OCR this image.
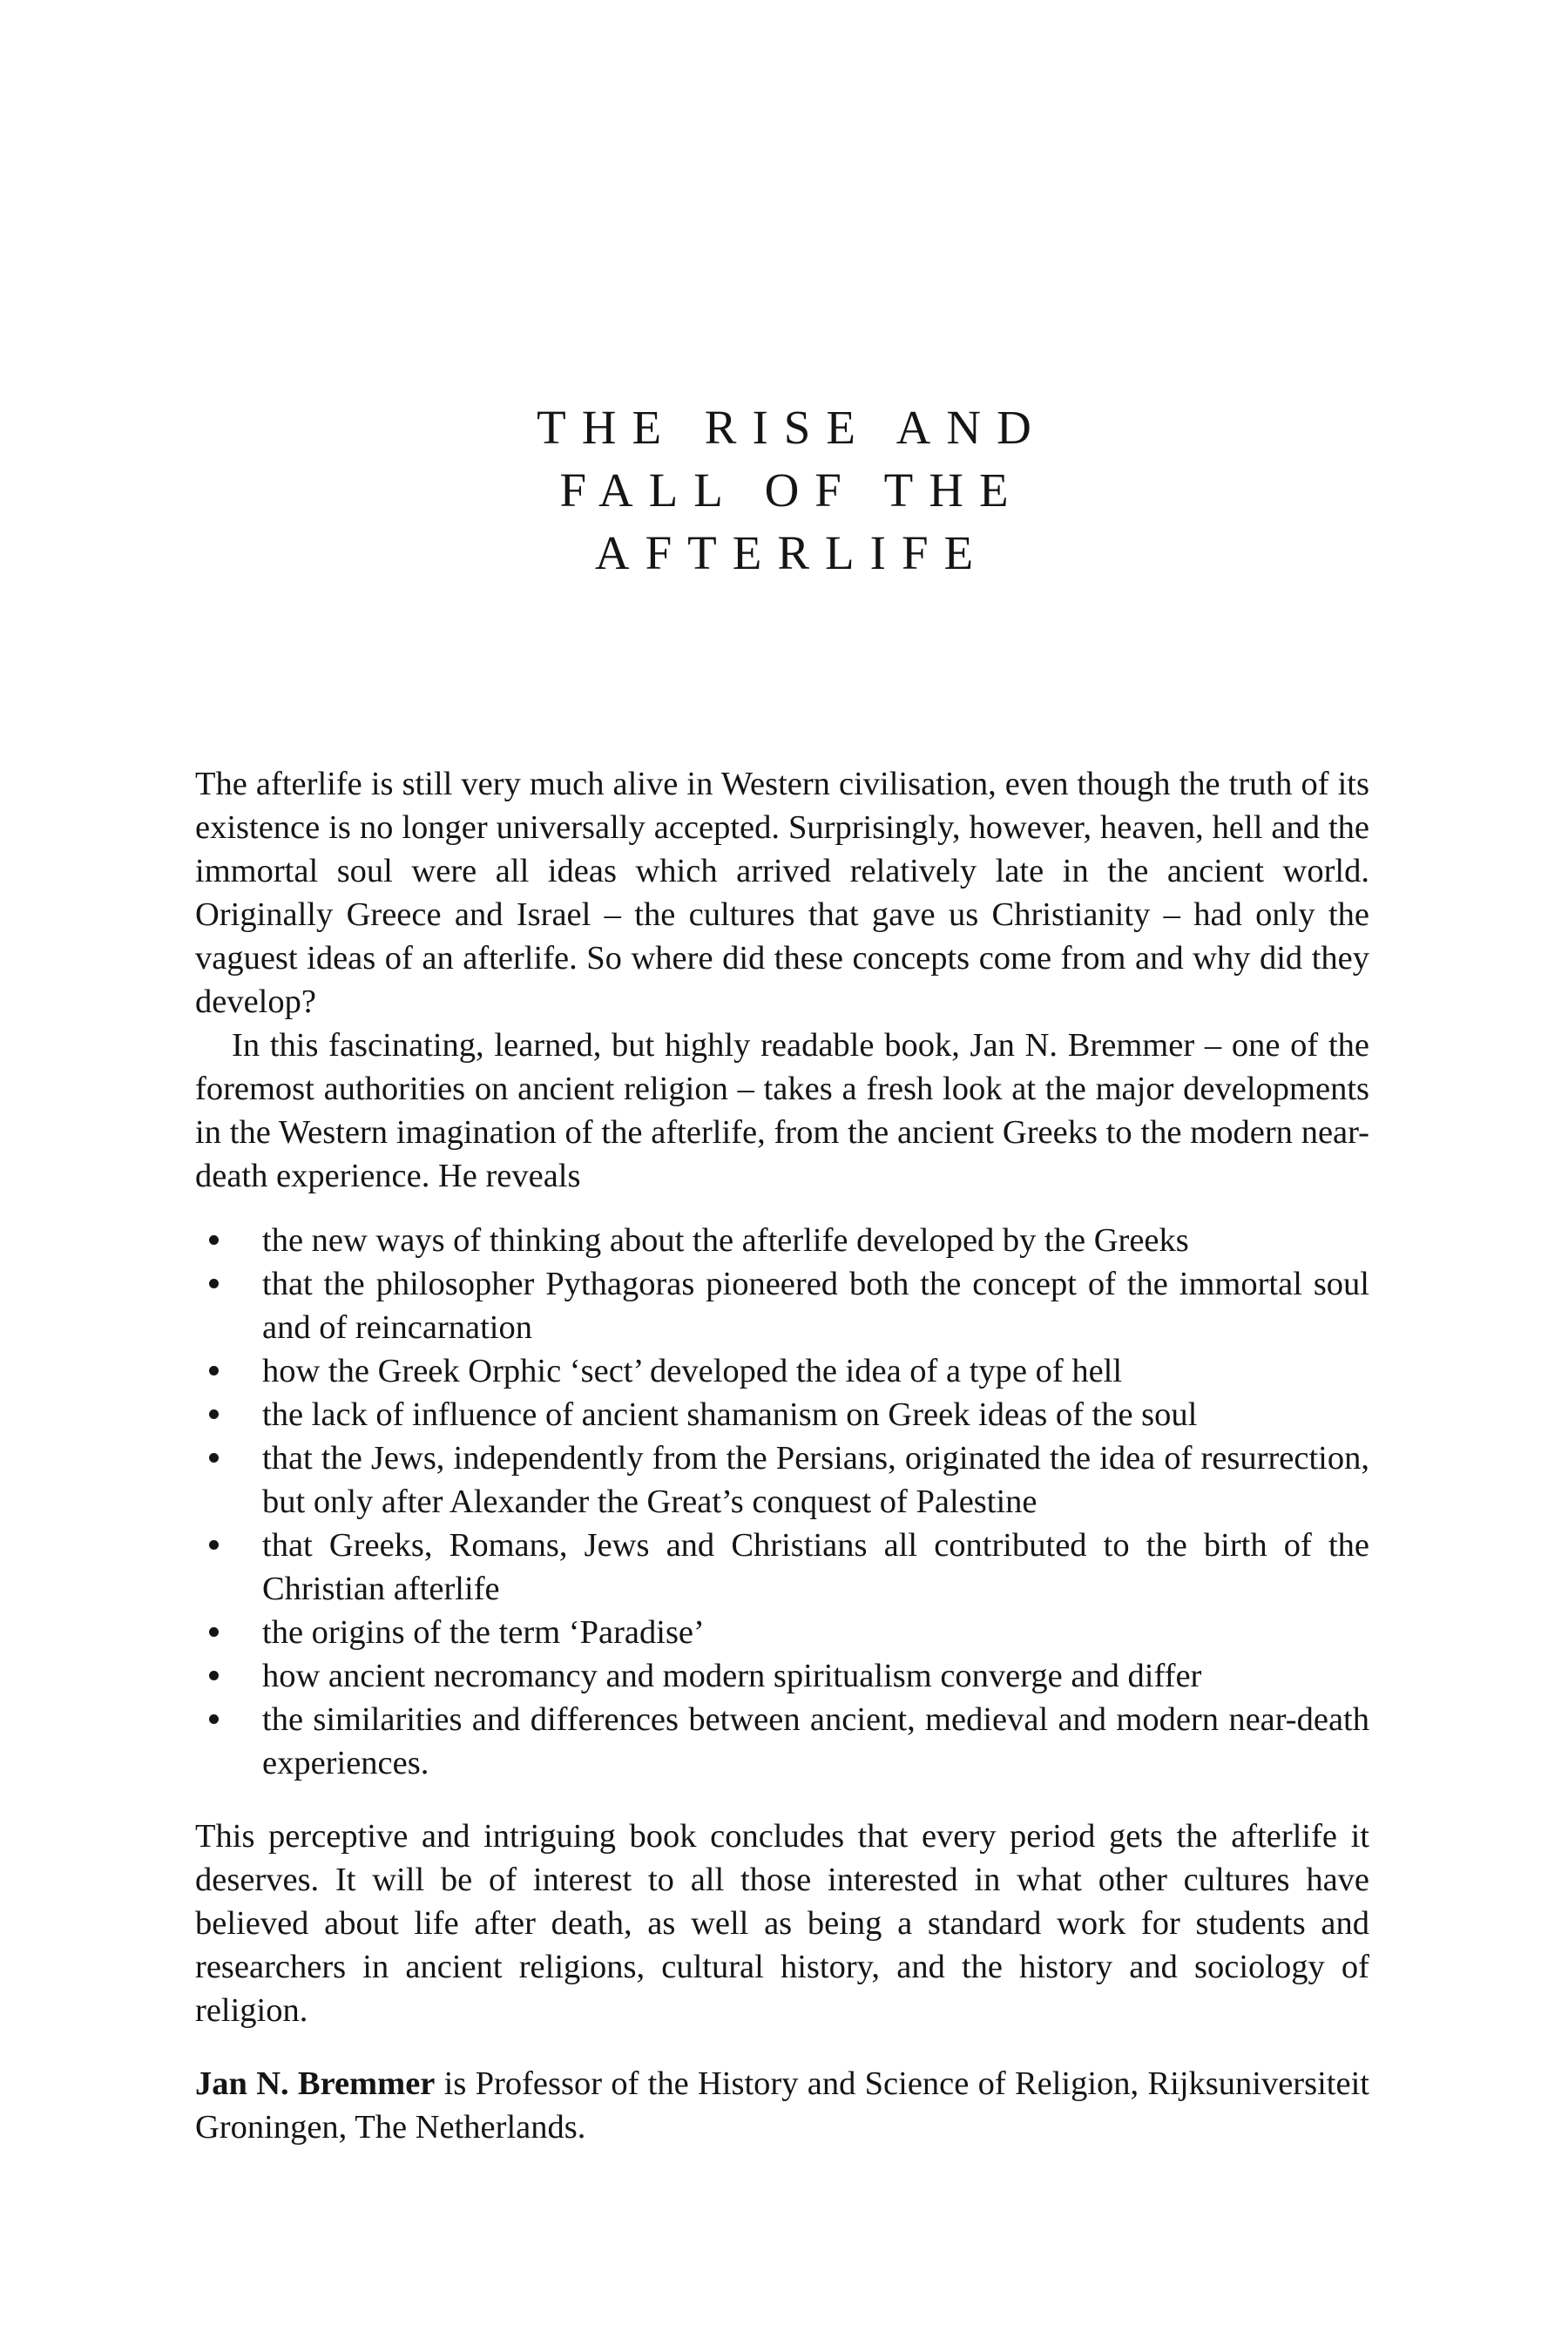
THE RISE AND
FALL OF THE
AFTERLIFE

The afterlife is still very much alive in Western civilisation, even though the truth of its existence is no longer universally accepted. Surprisingly, however, heaven, hell and the immortal soul were all ideas which arrived relatively late in the ancient world. Originally Greece and Israel – the cultures that gave us Christianity – had only the vaguest ideas of an afterlife. So where did these concepts come from and why did they develop?

In this fascinating, learned, but highly readable book, Jan N. Bremmer – one of the foremost authorities on ancient religion – takes a fresh look at the major developments in the Western imagination of the afterlife, from the ancient Greeks to the modern near-death experience. He reveals

the new ways of thinking about the afterlife developed by the Greeks
that the philosopher Pythagoras pioneered both the concept of the immortal soul and of reincarnation
how the Greek Orphic ‘sect’ developed the idea of a type of hell
the lack of influence of ancient shamanism on Greek ideas of the soul
that the Jews, independently from the Persians, originated the idea of resurrection, but only after Alexander the Great’s conquest of Palestine
that Greeks, Romans, Jews and Christians all contributed to the birth of the Christian afterlife
the origins of the term ‘Paradise’
how ancient necromancy and modern spiritualism converge and differ
the similarities and differences between ancient, medieval and modern near-death experiences.

This perceptive and intriguing book concludes that every period gets the afterlife it deserves. It will be of interest to all those interested in what other cultures have believed about life after death, as well as being a standard work for students and researchers in ancient religions, cultural history, and the history and sociology of religion.

Jan N. Bremmer is Professor of the History and Science of Religion, Rijksuniversiteit Groningen, The Netherlands.
